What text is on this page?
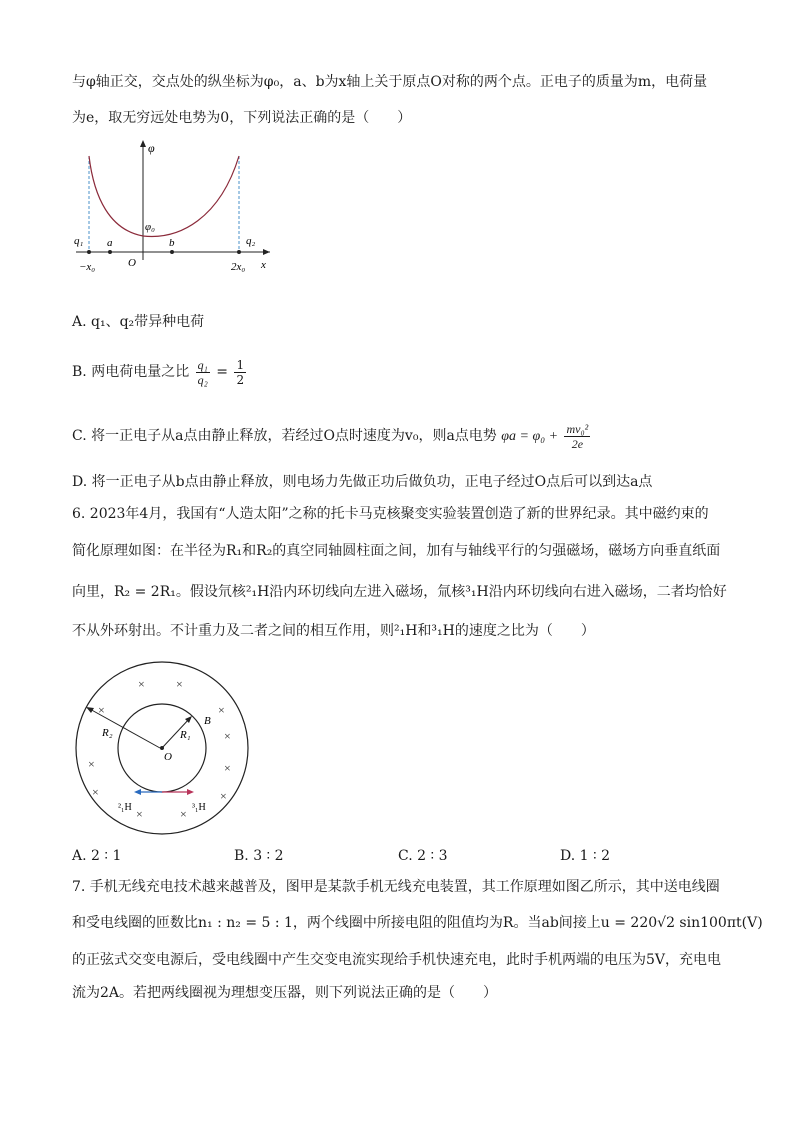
与φ轴正交，交点处的纵坐标为φ₀，a、b为x轴上关于原点O对称的两个点。正电子的质量为m，电荷量
为e，取无穷远处电势为0，下列说法正确的是（　　）
φ
φ₀
q₁ a	b	q₂
O
−x₀	2x₀ x
A. q₁、q₂带异种电荷
B. 两电荷电量之比 $\frac{\text{q₁}}{\text{q₂}} = \frac{1}{2}$
C. 将一正电子从a点由静止释放，若经过O点时速度为v₀，则a点电势 $\varphi a = \varphi_0 + \frac{\text{mv₀²}}{2e}$
D. 将一正电子从b点由静止释放，则电场力先做正功后做负功，正电子经过O点后可以到达a点
6. 2023年4月，我国有“人造太阳”之称的托卡马克核聚变实验装置创造了新的世界纪录。其中磁约束的
简化原理如图：在半径为R₁和R₂的真空同轴圆柱面之间，加有与轴线平行的匀强磁场，磁场方向垂直纸面
向里，R₂ = 2R₁。假设氘核²₁H沿内环切线向左进入磁场，氚核³₁H沿内环切线向右进入磁场，二者均恰好
不从外环射出。不计重力及二者之间的相互作用，则²₁H和³₁H的速度之比为（　　）
×	×
×	×
×
×	×
×	×
×	×
R₂	R₁
B
O
²₁H	³₁H
A. 2 ∶ 1	B. 3 ∶ 2	C. 2 ∶ 3	D. 1 ∶ 2
7. 手机无线充电技术越来越普及，图甲是某款手机无线充电装置，其工作原理如图乙所示，其中送电线圈
和受电线圈的匝数比n₁ : n₂ = 5 : 1，两个线圈中所接电阻的阻值均为R。当ab间接上u = 220√2 sin100πt(V)
的正弦式交变电源后，受电线圈中产生交变电流实现给手机快速充电，此时手机两端的电压为5V，充电电
流为2A。若把两线圈视为理想变压器，则下列说法正确的是（　　）
